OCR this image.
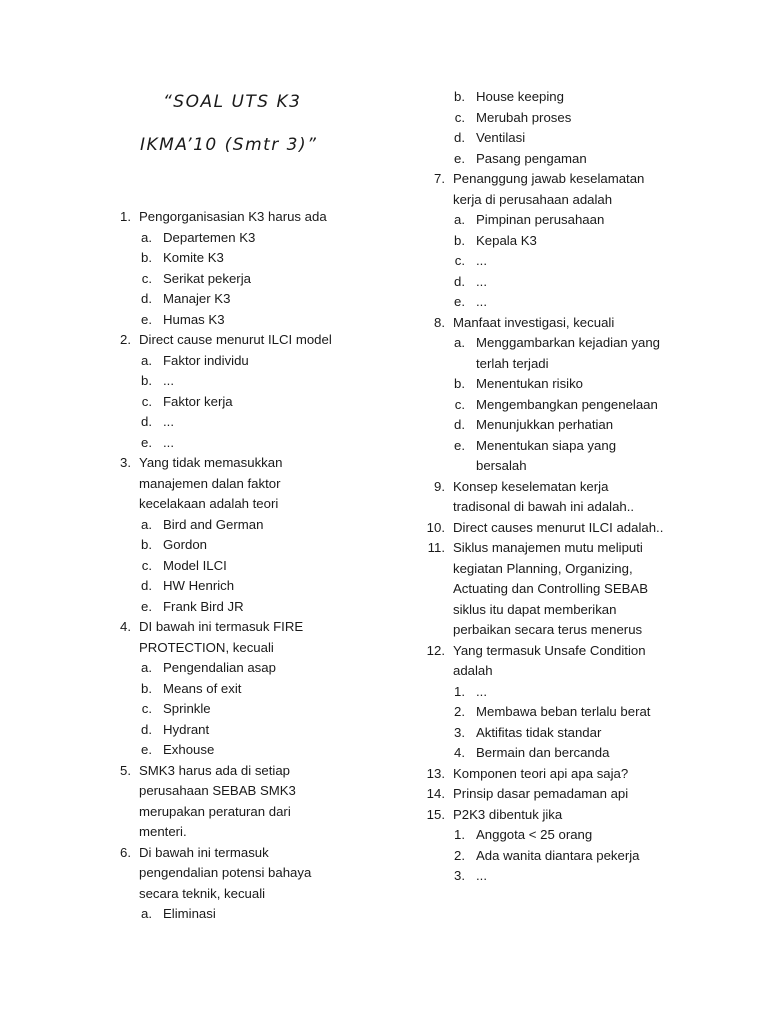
“SOAL UTS K3
IKMA’10 (Smtr 3)”
1. Pengorganisasian K3 harus ada
a. Departemen K3
b. Komite K3
c. Serikat pekerja
d. Manajer K3
e. Humas K3
2. Direct cause menurut ILCI model
a. Faktor individu
b. ...
c. Faktor kerja
d. ...
e. ...
3. Yang tidak memasukkan
manajemen dalan faktor
kecelakaan adalah teori
a. Bird and German
b. Gordon
c. Model ILCI
d. HW Henrich
e. Frank Bird JR
4. DI bawah ini termasuk FIRE
PROTECTION, kecuali
a. Pengendalian asap
b. Means of exit
c. Sprinkle
d. Hydrant
e. Exhouse
5. SMK3 harus ada di setiap
perusahaan SEBAB SMK3
merupakan peraturan dari
menteri.
6. Di bawah ini termasuk
pengendalian potensi bahaya
secara teknik, kecuali
a. Eliminasi
b. House keeping
c. Merubah proses
d. Ventilasi
e. Pasang pengaman
7. Penanggung jawab keselamatan
kerja di perusahaan adalah
a. Pimpinan perusahaan
b. Kepala K3
c. ...
d. ...
e. ...
8. Manfaat investigasi, kecuali
a. Menggambarkan kejadian yang
terlah terjadi
b. Menentukan risiko
c. Mengembangkan pengenelaan
d. Menunjukkan perhatian
e. Menentukan siapa yang
bersalah
9. Konsep keselematan kerja
tradisonal di bawah ini adalah..
10. Direct causes menurut ILCI adalah..
11. Siklus manajemen mutu meliputi
kegiatan Planning, Organizing,
Actuating dan Controlling SEBAB
siklus itu dapat memberikan
perbaikan secara terus menerus
12. Yang termasuk Unsafe Condition
adalah
1. ...
2. Membawa beban terlalu berat
3. Aktifitas tidak standar
4. Bermain dan bercanda
13. Komponen teori api apa saja?
14. Prinsip dasar pemadaman api
15. P2K3 dibentuk jika
1. Anggota < 25 orang
2. Ada wanita diantara pekerja
3. ...
